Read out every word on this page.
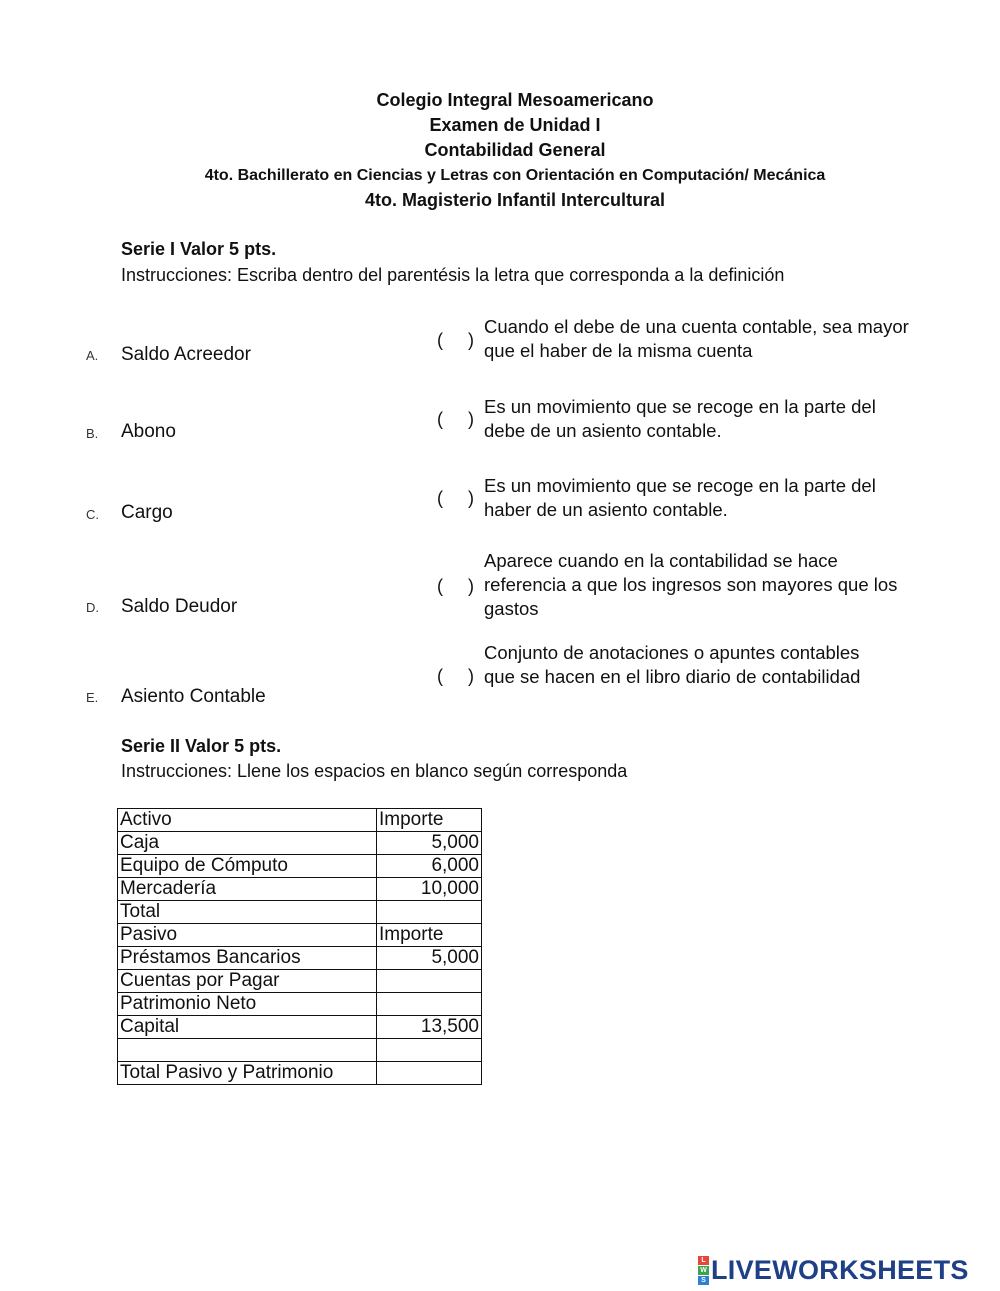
Colegio Integral Mesoamericano
Examen de Unidad I
Contabilidad General
4to. Bachillerato en Ciencias y Letras con Orientación en Computación/ Mecánica
4to. Magisterio Infantil Intercultural
Serie I Valor 5 pts.
Instrucciones: Escriba dentro del parentésis la letra que corresponda a la definición
A. Saldo Acreedor
(     )
Cuando el debe de una cuenta contable, sea mayor que el haber de la misma cuenta
B. Abono
(     )
Es un movimiento que se recoge en la parte del debe de un asiento contable.
C. Cargo
(     )
Es un movimiento que se recoge en la parte del haber de un asiento contable.
D. Saldo Deudor
(     )
Aparece cuando en la contabilidad se hace referencia a que los ingresos son mayores que los gastos
E. Asiento Contable
(     )
Conjunto de anotaciones o apuntes contables que se hacen en el libro diario de contabilidad
Serie II Valor 5 pts.
Instrucciones: Llene los espacios en blanco según corresponda
Activo	Importe
Caja	5,000
Equipo de Cómputo	6,000
Mercadería	10,000
Total	
Pasivo	Importe
Préstamos Bancarios	5,000
Cuentas por Pagar	
Patrimonio Neto	
Capital	13,500

Total Pasivo y Patrimonio	
L
W
S LIVEWORKSHEETS
